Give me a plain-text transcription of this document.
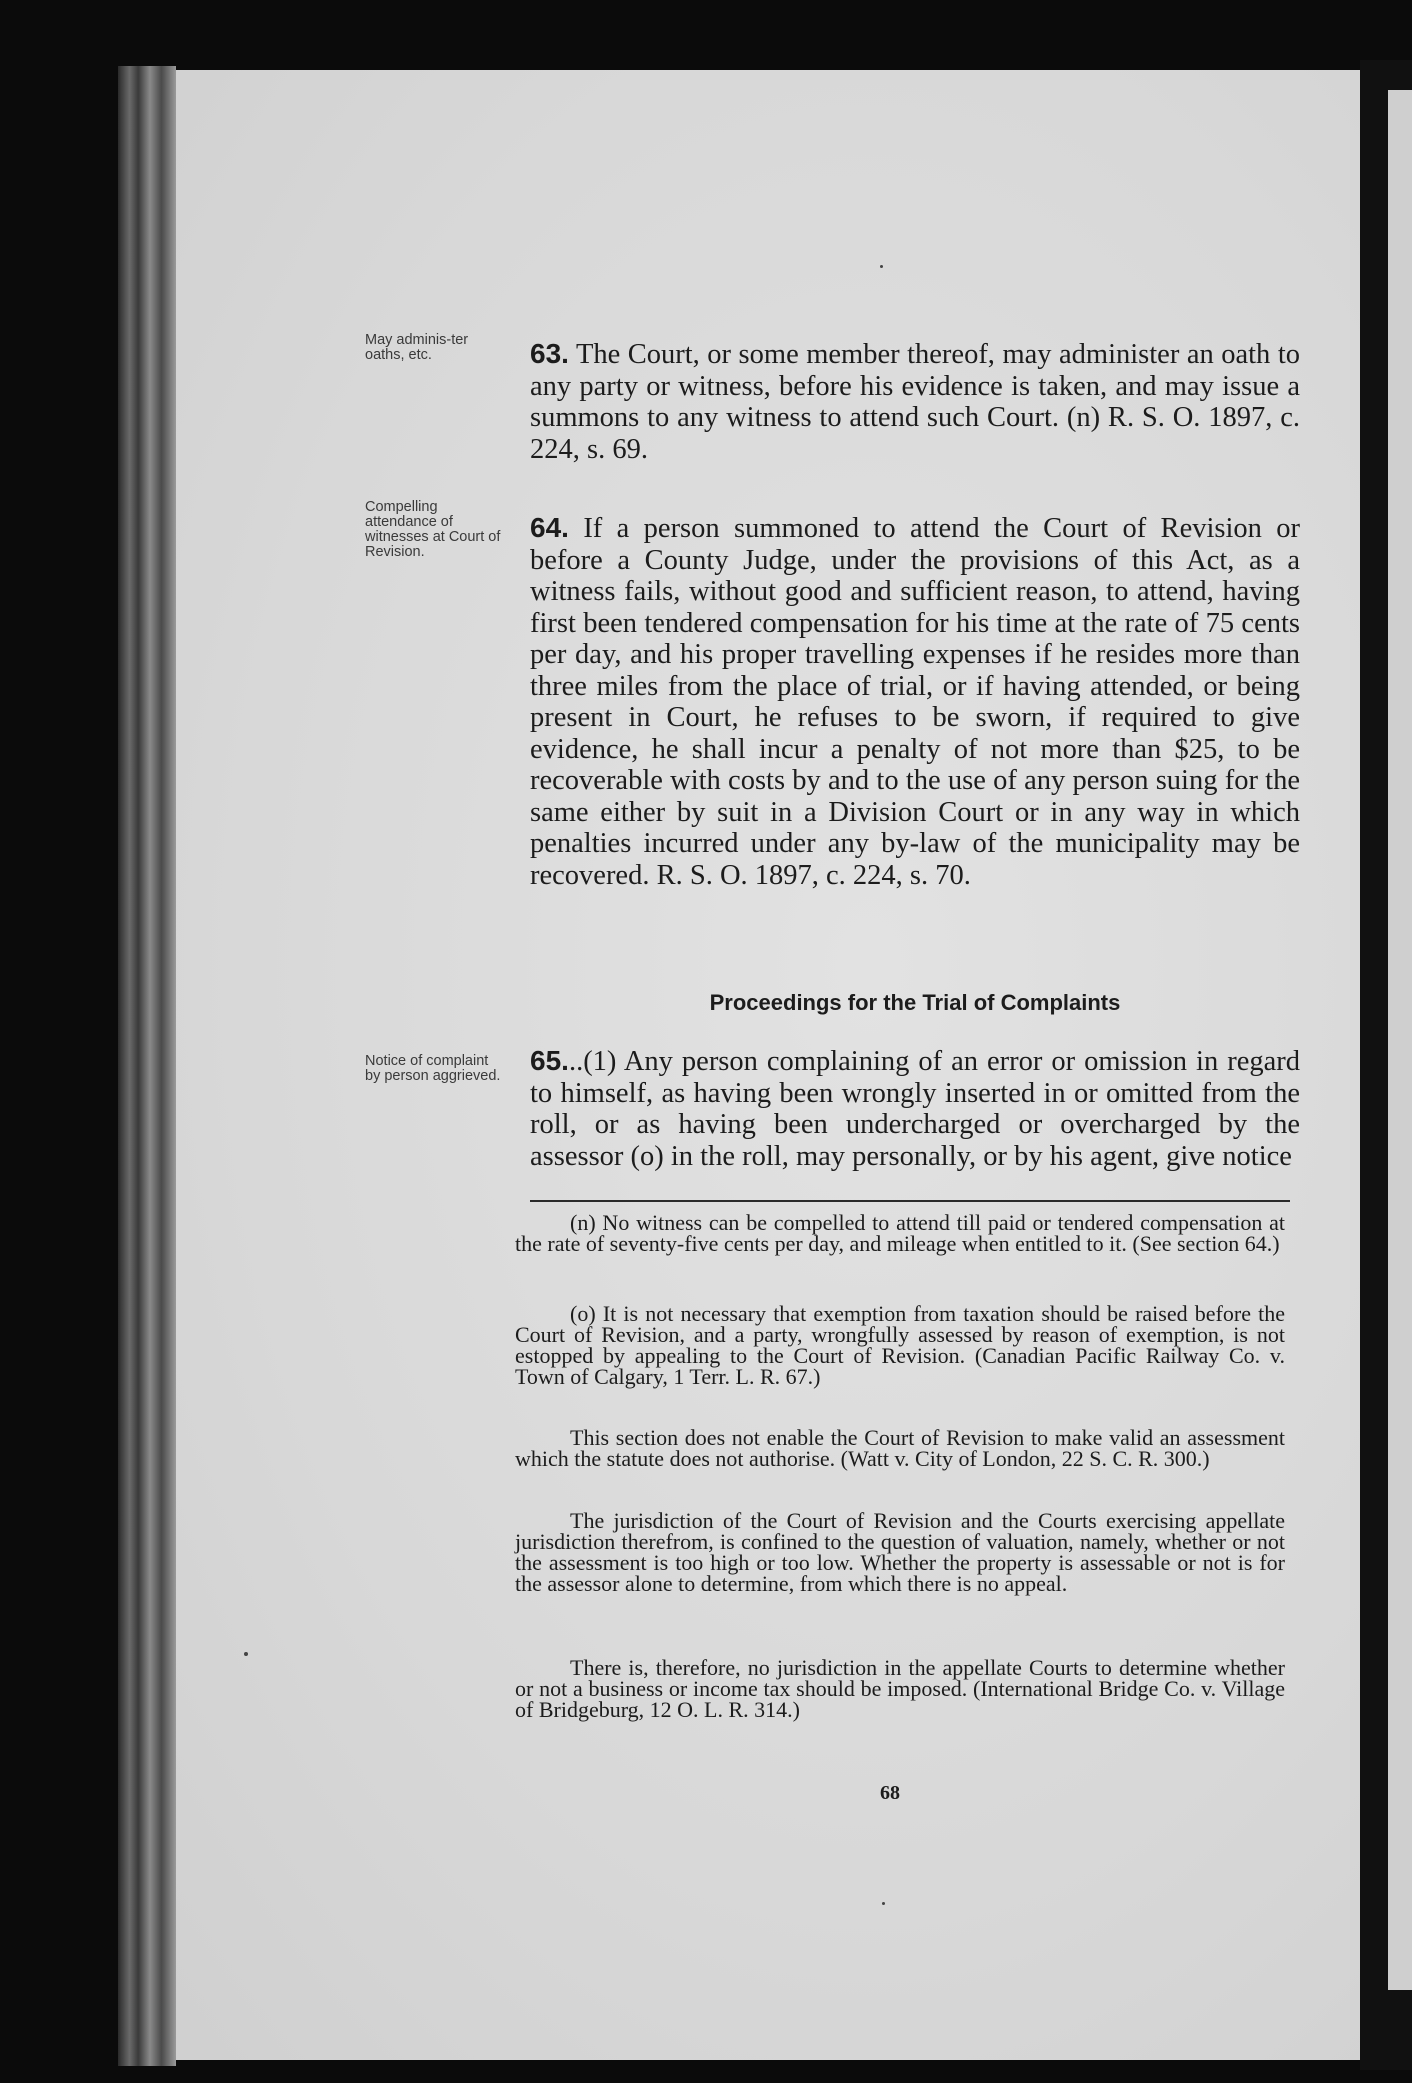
May adminis-ter oaths, etc.
Compelling attendance of witnesses at Court of Revision.
Notice of complaint by person aggrieved.
63. The Court, or some member thereof, may administer an oath to any party or witness, before his evidence is taken, and may issue a summons to any witness to attend such Court. (n) R. S. O. 1897, c. 224, s. 69.
64. If a person summoned to attend the Court of Revision or before a County Judge, under the provisions of this Act, as a witness fails, without good and sufficient reason, to attend, having first been tendered compensation for his time at the rate of 75 cents per day, and his proper travelling expenses if he resides more than three miles from the place of trial, or if having attended, or being present in Court, he refuses to be sworn, if required to give evidence, he shall incur a penalty of not more than $25, to be recoverable with costs by and to the use of any person suing for the same either by suit in a Division Court or in any way in which penalties incurred under any by-law of the municipality may be recovered. R. S. O. 1897, c. 224, s. 70.
Proceedings for the Trial of Complaints
65...(1) Any person complaining of an error or omission in regard to himself, as having been wrongly inserted in or omitted from the roll, or as having been undercharged or overcharged by the assessor (o) in the roll, may personally, or by his agent, give notice
(n) No witness can be compelled to attend till paid or tendered compensation at the rate of seventy-five cents per day, and mileage when entitled to it. (See section 64.)
(o) It is not necessary that exemption from taxation should be raised before the Court of Revision, and a party, wrongfully assessed by reason of exemption, is not estopped by appealing to the Court of Revision. (Canadian Pacific Railway Co. v. Town of Calgary, 1 Terr. L. R. 67.)
This section does not enable the Court of Revision to make valid an assessment which the statute does not authorise. (Watt v. City of London, 22 S. C. R. 300.)
The jurisdiction of the Court of Revision and the Courts exercising appellate jurisdiction therefrom, is confined to the question of valuation, namely, whether or not the assessment is too high or too low. Whether the property is assessable or not is for the assessor alone to determine, from which there is no appeal.
There is, therefore, no jurisdiction in the appellate Courts to determine whether or not a business or income tax should be imposed. (International Bridge Co. v. Village of Bridgeburg, 12 O. L. R. 314.)
68
